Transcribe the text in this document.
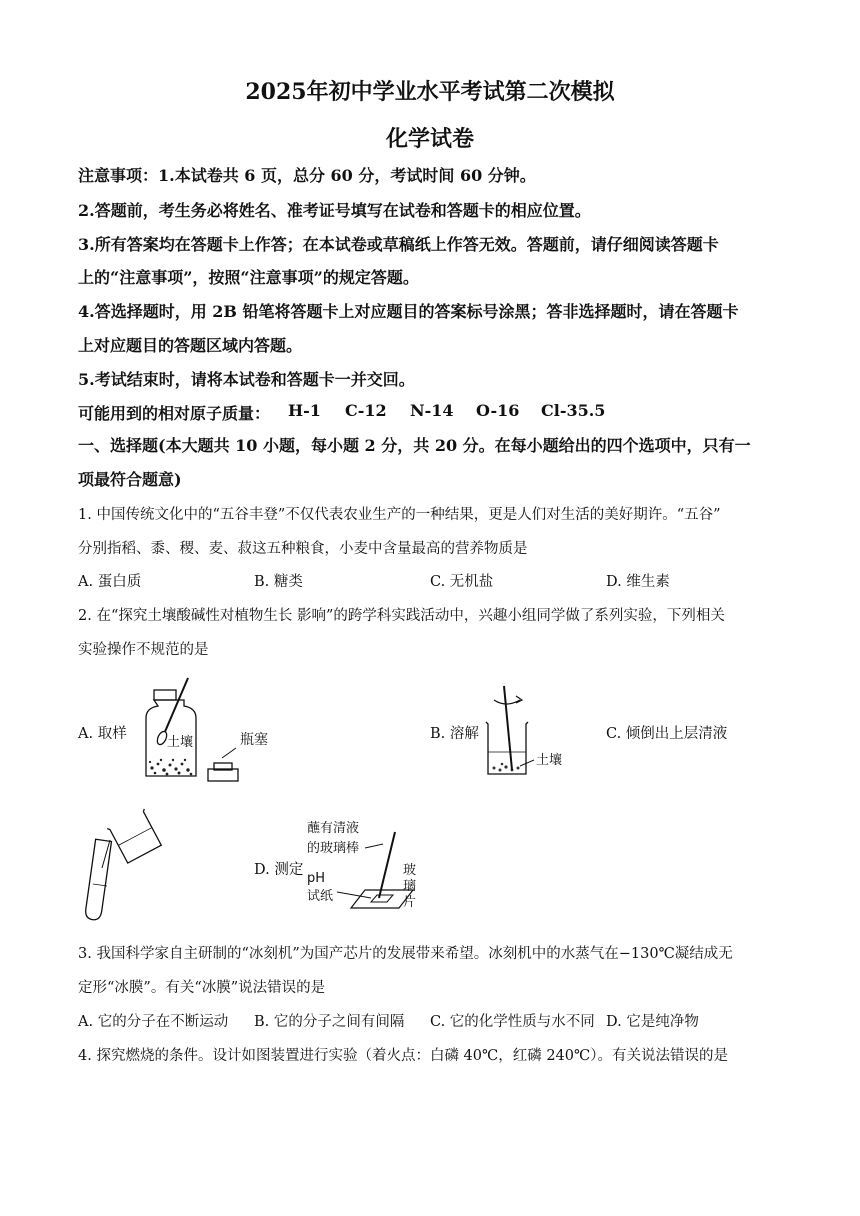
2025年初中学业水平考试第二次模拟
化学试卷
注意事项：1.本试卷共 6 页，总分 60 分，考试时间 60 分钟。
2.答题前，考生务必将姓名、准考证号填写在试卷和答题卡的相应位置。
3.所有答案均在答题卡上作答；在本试卷或草稿纸上作答无效。答题前，请仔细阅读答题卡
上的“注意事项”，按照“注意事项”的规定答题。
4.答选择题时，用 2B 铅笔将答题卡上对应题目的答案标号涂黑；答非选择题时，请在答题卡
上对应题目的答题区域内答题。
5.考试结束时，请将本试卷和答题卡一并交回。
可能用到的相对原子质量： H-1 C-12 N-14 O-16 Cl-35.5
一、选择题(本大题共 10 小题，每小题 2 分，共 20 分。在每小题给出的四个选项中，只有一
项最符合题意)
1. 中国传统文化中的“五谷丰登”不仅代表农业生产的一种结果，更是人们对生活的美好期许。“五谷”
分别指稻、黍、稷、麦、菽这五种粮食，小麦中含量最高的营养物质是
A. 蛋白质	B. 糖类	C. 无机盐	D. 维生素
2. 在“探究土壤酸碱性对植物生长 影响”的跨学科实践活动中，兴趣小组同学做了系列实验，下列相关
实验操作不规范的是
A. 取样
土壤	瓶塞	B. 溶解
土壤
C. 倾倒出上层清液
D. 测定
蘸有清液
的玻璃棒
pH
试纸
玻
璃
片
3. 我国科学家自主研制的“冰刻机”为国产芯片的发展带来希望。冰刻机中的水蒸气在−130℃凝结成无
定形“冰膜”。有关“冰膜”说法错误的是
A. 它的分子在不断运动 B. 它的分子之间有间隔 C. 它的化学性质与水不同 D. 它是纯净物
4. 探究燃烧的条件。设计如图装置进行实验（着火点：白磷 40℃，红磷 240℃）。有关说法错误的是
